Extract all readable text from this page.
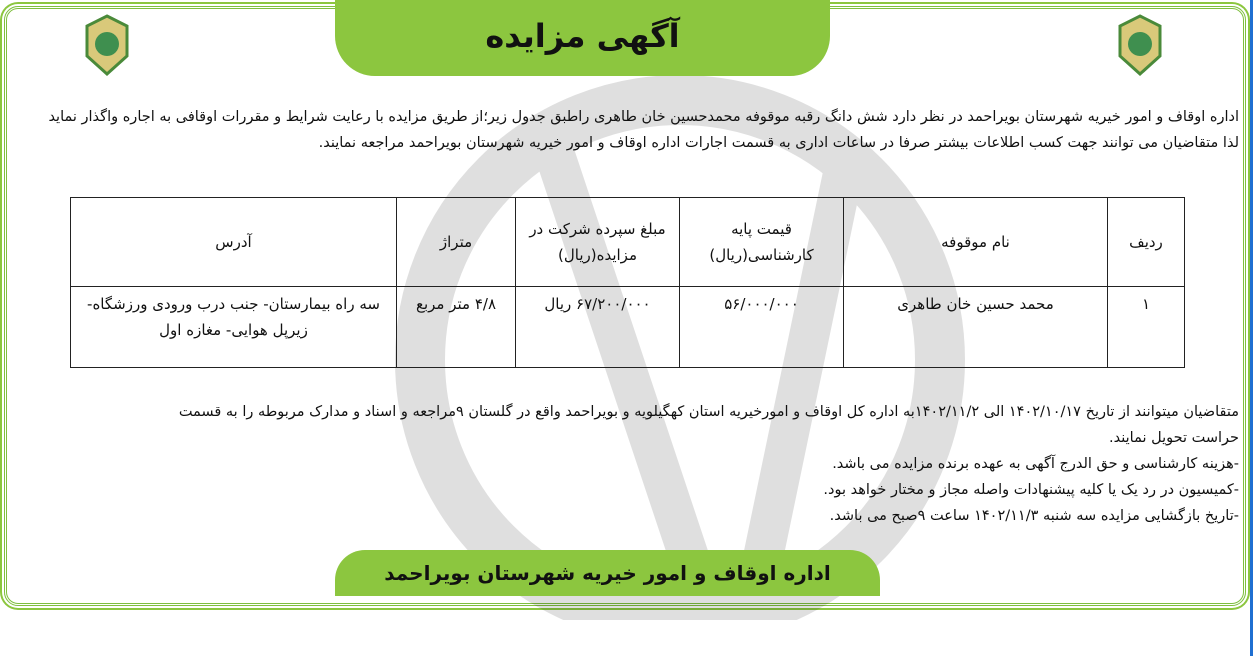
آگهی مزایده
اداره اوقاف و امور خیریه شهرستان بویراحمد در نظر دارد شش دانگ رقبه موقوفه محمدحسین خان طاهری راطبق جدول زیر؛از طریق مزایده با رعایت شرایط و مقررات اوقافی به اجاره واگذار نماید
لذا متقاضیان می توانند جهت کسب اطلاعات بیشتر صرفا در ساعات اداری به قسمت اجارات اداره اوقاف و امور خیریه شهرستان بویراحمد مراجعه نمایند.
ردیف	نام موقوفه	قیمت پایه کارشناسی(ریال)	مبلغ سپرده شرکت در مزایده(ریال)	متراژ	آدرس
۱	محمد حسین خان طاهری	۵۶/۰۰۰/۰۰۰	۶۷/۲۰۰/۰۰۰ ریال	۴/۸ متر مربع	سه راه بیمارستان- جنب درب ورودی ورزشگاه-زیرپل هوایی- مغازه اول
متقاضیان میتوانند از تاریخ ۱۴۰۲/۱۰/۱۷ الی ۱۴۰۲/۱۱/۲به اداره کل اوقاف و امورخیریه استان کهگیلویه و بویراحمد واقع در گلستان ۹مراجعه و اسناد و مدارک مربوطه را به قسمت
حراست تحویل نمایند.
-هزینه کارشناسی و حق الدرج آگهی به عهده برنده مزایده می باشد.
-کمیسیون در رد یک یا کلیه پیشنهادات واصله مجاز و مختار خواهد بود.
-تاریخ بازگشایی مزایده سه شنبه ۱۴۰۲/۱۱/۳ ساعت ۹صبح می باشد.
اداره اوقاف و امور خیریه شهرستان بویراحمد
